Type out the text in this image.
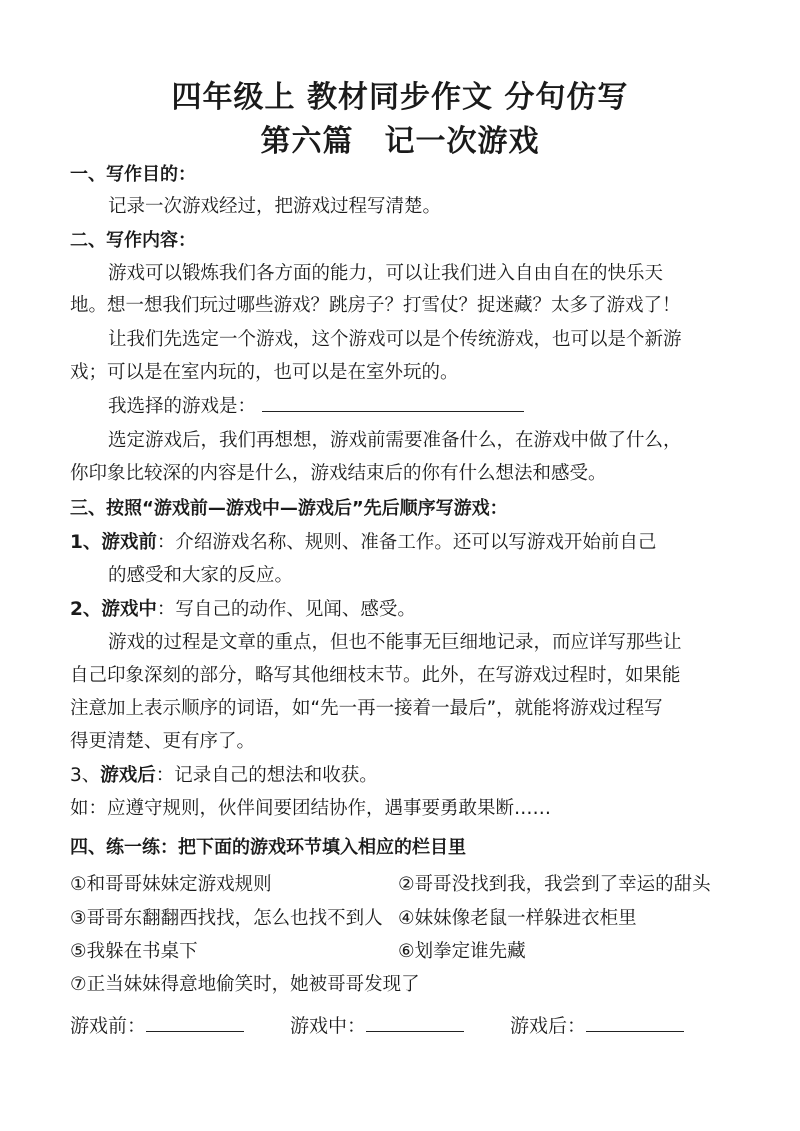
四年级上 教材同步作文 分句仿写
第六篇　记一次游戏
一、写作目的：
记录一次游戏经过，把游戏过程写清楚。
二、写作内容：
游戏可以锻炼我们各方面的能力，可以让我们进入自由自在的快乐天
地。想一想我们玩过哪些游戏？跳房子？打雪仗？捉迷藏？太多了游戏了！
让我们先选定一个游戏，这个游戏可以是个传统游戏，也可以是个新游
戏；可以是在室内玩的，也可以是在室外玩的。
我选择的游戏是：
选定游戏后，我们再想想，游戏前需要准备什么，在游戏中做了什么，
你印象比较深的内容是什么，游戏结束后的你有什么想法和感受。
三、按照“游戏前—游戏中—游戏后”先后顺序写游戏：
1、游戏前：介绍游戏名称、规则、准备工作。还可以写游戏开始前自己
的感受和大家的反应。
2、游戏中：写自己的动作、见闻、感受。
游戏的过程是文章的重点，但也不能事无巨细地记录，而应详写那些让
自己印象深刻的部分，略写其他细枝末节。此外，在写游戏过程时，如果能
注意加上表示顺序的词语，如“先一再一接着一最后”，就能将游戏过程写
得更清楚、更有序了。
3、游戏后：记录自己的想法和收获。
如：应遵守规则，伙伴间要团结协作，遇事要勇敢果断……
四、练一练：把下面的游戏环节填入相应的栏目里
①和哥哥妹妹定游戏规则	②哥哥没找到我，我尝到了幸运的甜头
③哥哥东翻翻西找找，怎么也找不到人 ④妹妹像老鼠一样躲进衣柜里
⑤我躲在书桌下	⑥划拳定谁先藏
⑦正当妹妹得意地偷笑时，她被哥哥发现了
游戏前：	游戏中：	游戏后：
